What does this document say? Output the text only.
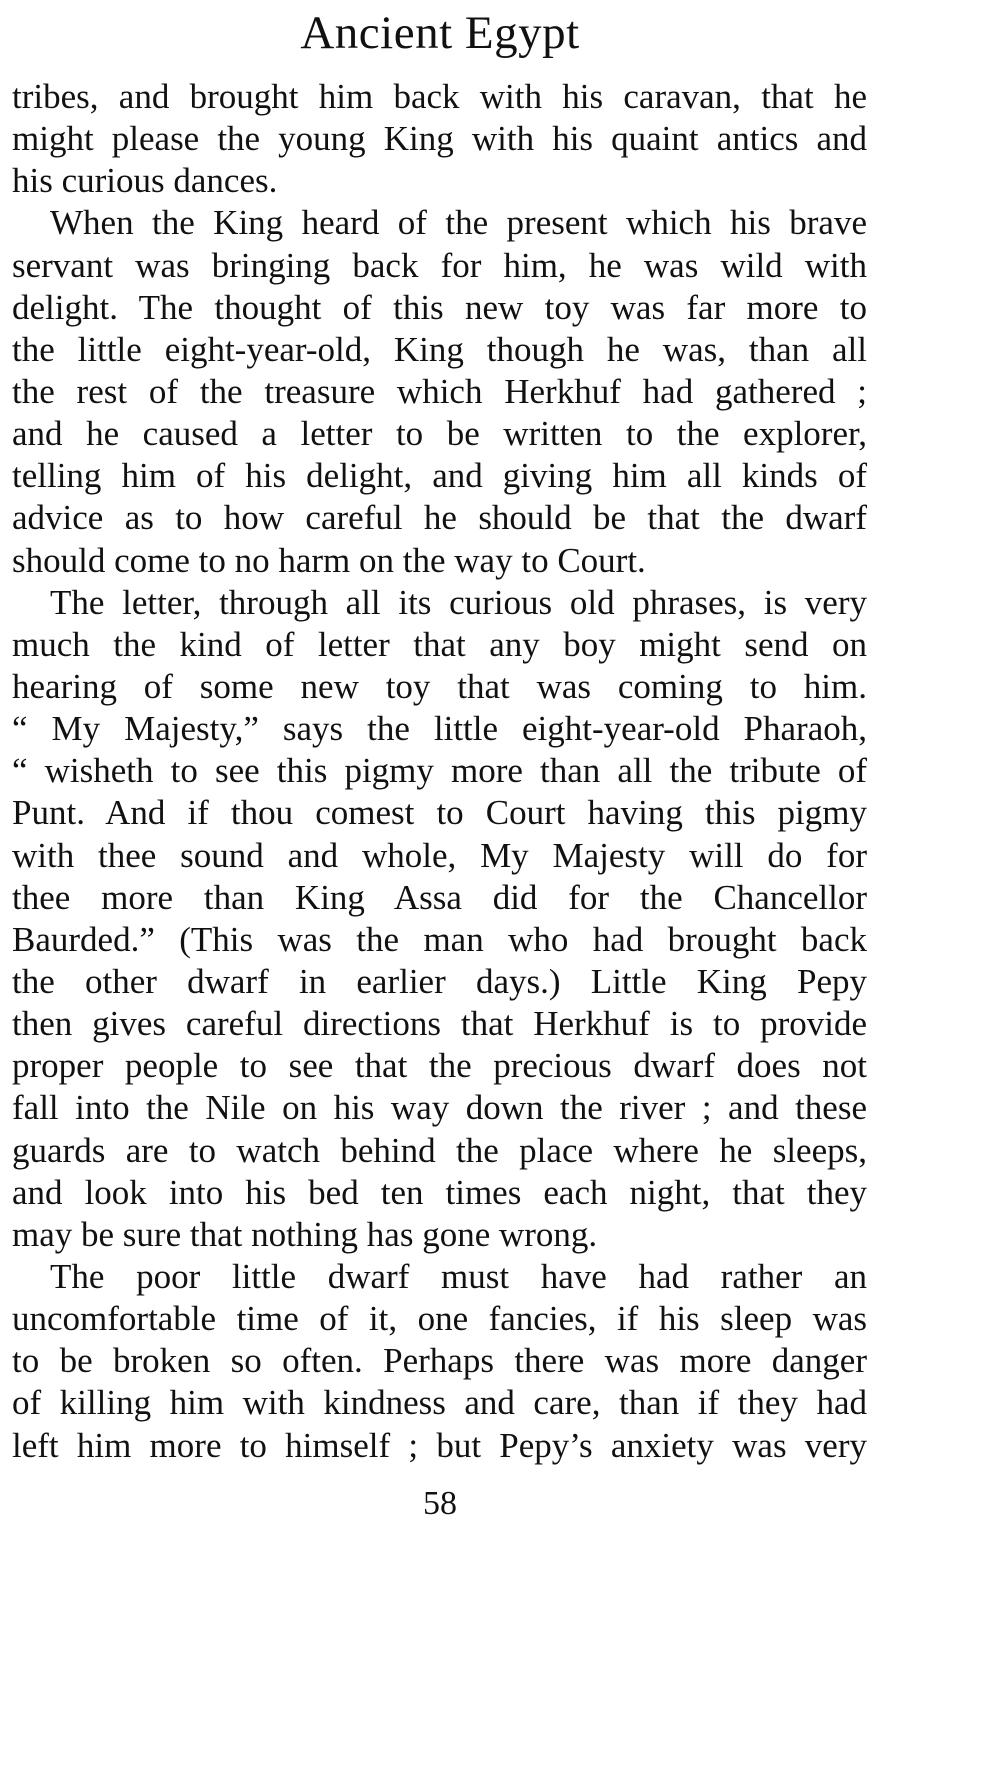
Ancient Egypt
tribes, and brought him back with his caravan, that he
might please the young King with his quaint antics and
his curious dances.
When the King heard of the present which his brave
servant was bringing back for him, he was wild with
delight. The thought of this new toy was far more to
the little eight-year-old, King though he was, than all
the rest of the treasure which Herkhuf had gathered ;
and he caused a letter to be written to the explorer,
telling him of his delight, and giving him all kinds of
advice as to how careful he should be that the dwarf
should come to no harm on the way to Court.
The letter, through all its curious old phrases, is very
much the kind of letter that any boy might send on
hearing of some new toy that was coming to him.
“ My Majesty,” says the little eight-year-old Pharaoh,
“ wisheth to see this pigmy more than all the tribute of
Punt. And if thou comest to Court having this pigmy
with thee sound and whole, My Majesty will do for
thee more than King Assa did for the Chancellor
Baurded.” (This was the man who had brought back
the other dwarf in earlier days.) Little King Pepy
then gives careful directions that Herkhuf is to provide
proper people to see that the precious dwarf does not
fall into the Nile on his way down the river ; and these
guards are to watch behind the place where he sleeps,
and look into his bed ten times each night, that they
may be sure that nothing has gone wrong.
The poor little dwarf must have had rather an
uncomfortable time of it, one fancies, if his sleep was
to be broken so often. Perhaps there was more danger
of killing him with kindness and care, than if they had
left him more to himself ; but Pepy’s anxiety was very
58
